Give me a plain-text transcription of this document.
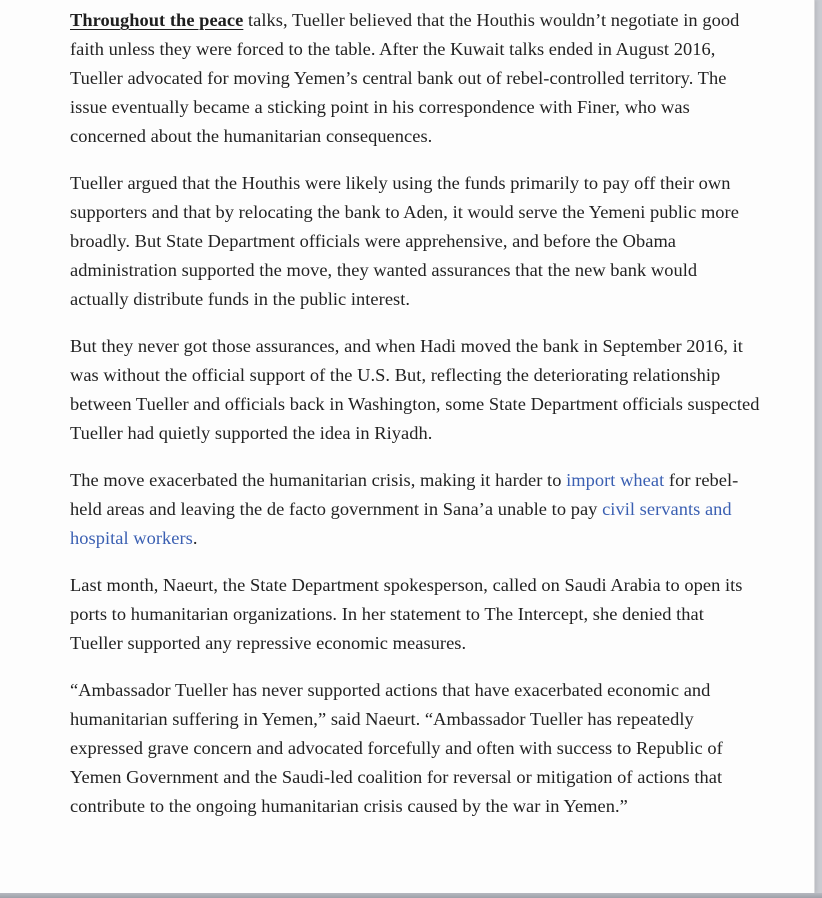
Throughout the peace talks, Tueller believed that the Houthis wouldn’t negotiate in good faith unless they were forced to the table. After the Kuwait talks ended in August 2016, Tueller advocated for moving Yemen’s central bank out of rebel-controlled territory. The issue eventually became a sticking point in his correspondence with Finer, who was concerned about the humanitarian consequences.

Tueller argued that the Houthis were likely using the funds primarily to pay off their own supporters and that by relocating the bank to Aden, it would serve the Yemeni public more broadly. But State Department officials were apprehensive, and before the Obama administration supported the move, they wanted assurances that the new bank would actually distribute funds in the public interest.

But they never got those assurances, and when Hadi moved the bank in September 2016, it was without the official support of the U.S. But, reflecting the deteriorating relationship between Tueller and officials back in Washington, some State Department officials suspected Tueller had quietly supported the idea in Riyadh.

The move exacerbated the humanitarian crisis, making it harder to import wheat for rebel-held areas and leaving the de facto government in Sana’a unable to pay civil servants and hospital workers.

Last month, Naeurt, the State Department spokesperson, called on Saudi Arabia to open its ports to humanitarian organizations. In her statement to The Intercept, she denied that Tueller supported any repressive economic measures.

“Ambassador Tueller has never supported actions that have exacerbated economic and humanitarian suffering in Yemen,” said Naeurt. “Ambassador Tueller has repeatedly expressed grave concern and advocated forcefully and often with success to Republic of Yemen Government and the Saudi-led coalition for reversal or mitigation of actions that contribute to the ongoing humanitarian crisis caused by the war in Yemen.”
